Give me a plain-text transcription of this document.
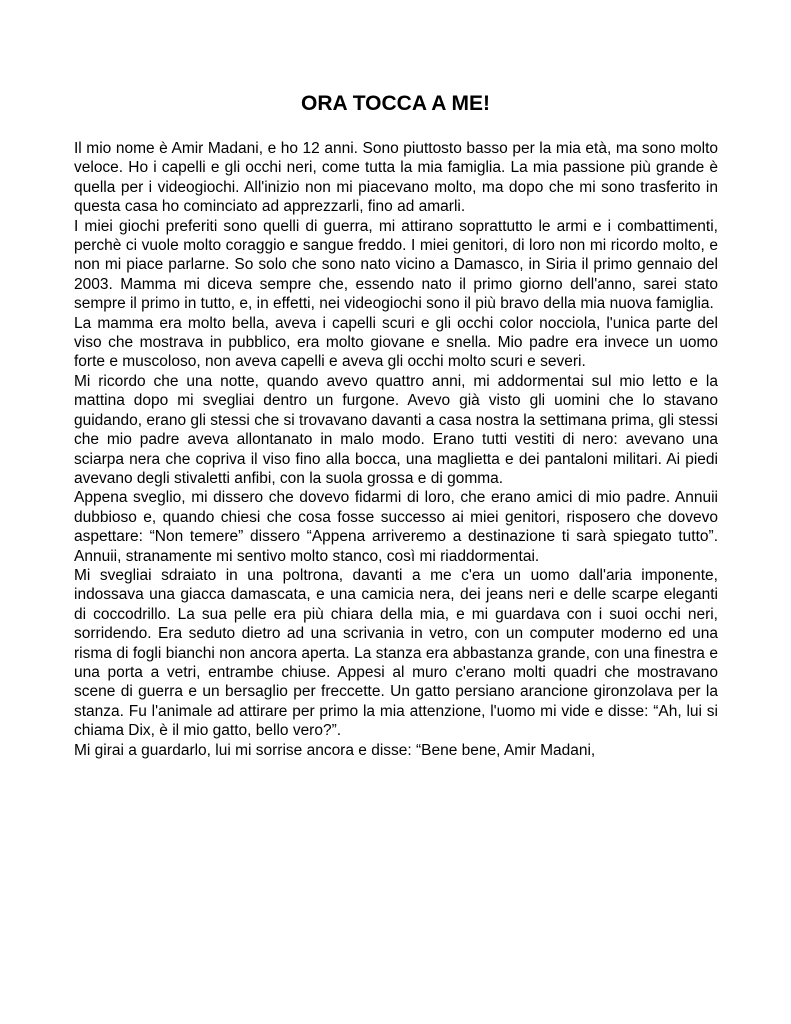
ORA TOCCA A ME!

Il mio nome è Amir Madani, e ho 12 anni. Sono piuttosto basso per la mia età, ma sono molto veloce. Ho i capelli e gli occhi neri, come tutta la mia famiglia. La mia passione più grande è quella per i videogiochi. All'inizio non mi piacevano molto, ma dopo che mi sono trasferito in questa casa ho cominciato ad apprezzarli, fino ad amarli.

I miei giochi preferiti sono quelli di guerra, mi attirano soprattutto le armi e i combattimenti, perchè ci vuole molto coraggio e sangue freddo. I miei genitori, di loro non mi ricordo molto, e non mi piace parlarne. So solo che sono nato vicino a Damasco, in Siria il primo gennaio del 2003. Mamma mi diceva sempre che, essendo nato il primo giorno dell'anno, sarei stato sempre il primo in tutto, e, in effetti, nei videogiochi sono il più bravo della mia nuova famiglia.

La mamma era molto bella, aveva i capelli scuri e gli occhi color nocciola, l'unica parte del viso che mostrava in pubblico, era molto giovane e snella. Mio padre era invece un uomo forte e muscoloso, non aveva capelli e aveva gli occhi molto scuri e severi.

Mi ricordo che una notte, quando avevo quattro anni, mi addormentai sul mio letto e la mattina dopo mi svegliai dentro un furgone. Avevo già visto gli uomini che lo stavano guidando, erano gli stessi che si trovavano davanti a casa nostra la settimana prima, gli stessi che mio padre aveva allontanato in malo modo. Erano tutti vestiti di nero: avevano una sciarpa nera che copriva il viso fino alla bocca, una maglietta e dei pantaloni militari. Ai piedi avevano degli stivaletti anfibi, con la suola grossa e di gomma.

Appena sveglio, mi dissero che dovevo fidarmi di loro, che erano amici di mio padre. Annuii dubbioso e, quando chiesi che cosa fosse successo ai miei genitori, risposero che dovevo aspettare: “Non temere” dissero “Appena arriveremo a destinazione ti sarà spiegato tutto”. Annuii, stranamente mi sentivo molto stanco, così mi riaddormentai.

Mi svegliai sdraiato in una poltrona, davanti a me c'era un uomo dall'aria imponente, indossava una giacca damascata, e una camicia nera, dei jeans neri e delle scarpe eleganti di coccodrillo. La sua pelle era più chiara della mia, e mi guardava con i suoi occhi neri, sorridendo. Era seduto dietro ad una scrivania in vetro, con un computer moderno ed una risma di fogli bianchi non ancora aperta. La stanza era abbastanza grande, con una finestra e una porta a vetri, entrambe chiuse. Appesi al muro c'erano molti quadri che mostravano scene di guerra e un bersaglio per freccette. Un gatto persiano arancione gironzolava per la stanza. Fu l'animale ad attirare per primo la mia attenzione, l'uomo mi vide e disse: “Ah, lui si chiama Dix, è il mio gatto, bello vero?”.

Mi girai a guardarlo, lui mi sorrise ancora e disse: “Bene bene, Amir Madani,
